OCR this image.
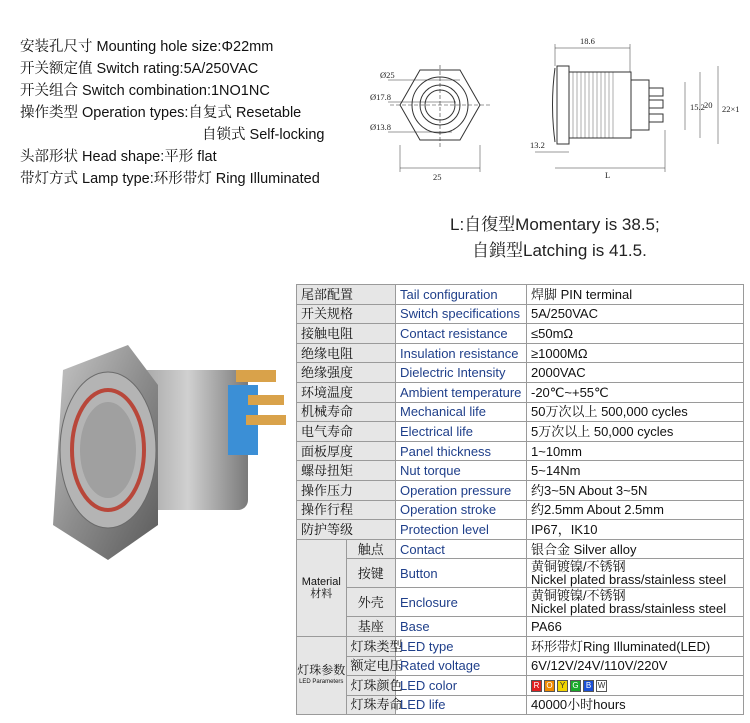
安装孔尺寸 Mounting hole size:Φ22mm
开关额定值 Switch rating:5A/250VAC
开关组合 Switch combination:1NO1NC
操作类型 Operation types:自复式 Resetable
自锁式 Self-locking
头部形状 Head shape:平形 flat
带灯方式 Lamp type:环形带灯 Ring Illuminated
Ø25
Ø17.8
Ø13.8
25
18.6
15.2 20 22×1
13.2
L
L:自復型Momentary is 38.5;
自鎖型Latching is 41.5.
尾部配置		Tail configuration	焊脚 PIN terminal
开关规格		Switch specifications	5A/250VAC
接触电阻		Contact resistance	≤50mΩ
绝缘电阻		Insulation resistance	≥1000MΩ
绝缘强度		Dielectric Intensity	2000VAC
环境温度		Ambient temperature	-20℃~+55℃
机械寿命		Mechanical life	50万次以上 500,000 cycles
电气寿命		Electrical life	5万次以上 50,000 cycles
面板厚度		Panel thickness	1~10mm
螺母扭矩		Nut torque	5~14Nm
操作压力		Operation pressure	约3~5N About 3~5N
操作行程		Operation stroke	约2.5mm About 2.5mm
防护等级		Protection level	IP67，IK10

Material
材料	触点	Contact	银合金 Silver alloy
	按键	Button	黄铜镀镍/不锈钢
Nickel plated brass/stainless steel

	外壳	Enclosure	黄铜镀镍/不锈钢
Nickel plated brass/stainless steel

	基座	Base	PA66

灯珠参数
LED Parameters	灯珠类型	LED type	环形带灯Ring Illuminated(LED)
	额定电压	Rated voltage	6V/12V/24V/110V/220V
	灯珠颜色	LED color	R O Y G B W
	灯珠寿命	LED life	40000小时hours
